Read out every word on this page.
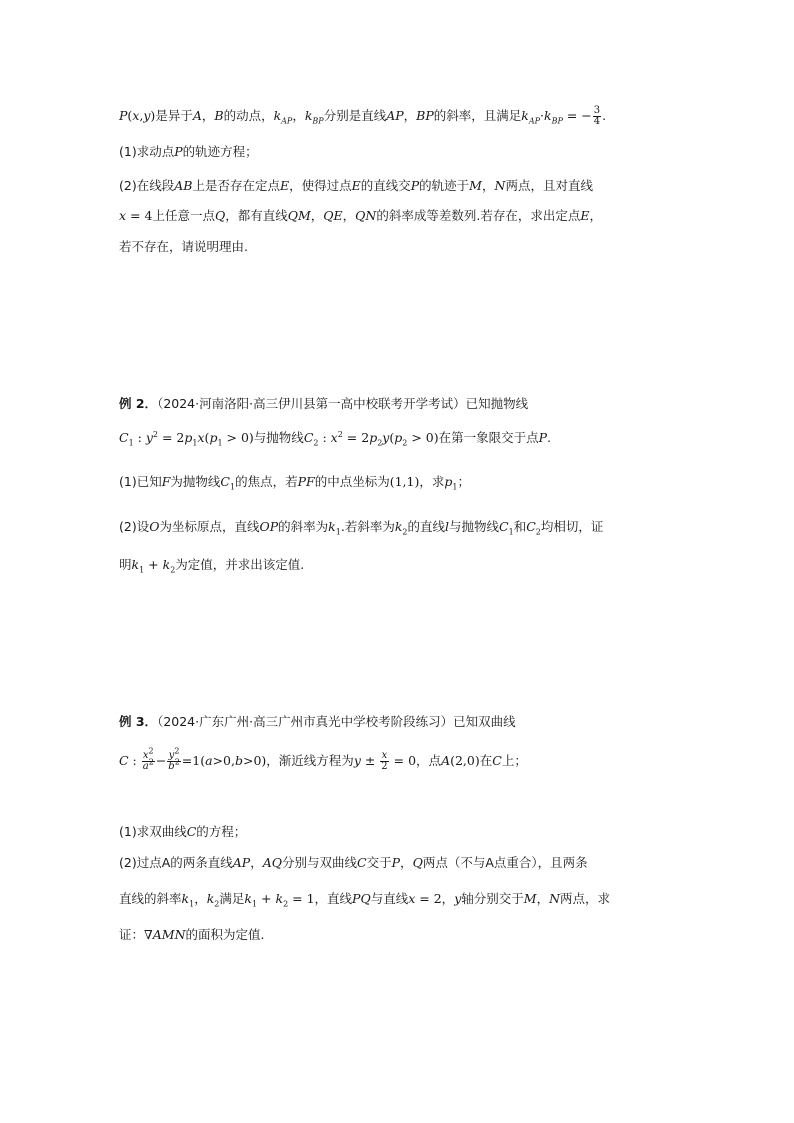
P(x,y)是异于A，B的动点，$k_{AP}$，$k_{BP}$分别是直线AP，BP的斜率，且满足$k_{AP}\cdot k_{BP}$ = − $\frac{3}{4}$ .
(1)求动点P的轨迹方程；
(2)在线段AB上是否存在定点E，使得过点E的直线交P的轨迹于M，N两点，且对直线
x = 4上任意一点Q，都有直线QM，QE，QN的斜率成等差数列.若存在，求出定点E，
若不存在，请说明理由.
例 2．（2024·河南洛阳·高三伊川县第一高中校联考开学考试）已知抛物线
$C_1$ : $y^2 = 2p_1x(p_1 > 0)$与抛物线$C_2$ : $x^2 = 2p_2y(p_2 > 0)$在第一象限交于点P.
(1)已知F为抛物线$C_1$的焦点，若PF的中点坐标为(1,1)，求$p_1$；
(2)设O为坐标原点，直线OP的斜率为$k_1$.若斜率为$k_2$的直线l与抛物线$C_1$和$C_2$均相切，证
明$k_1 + k_2$为定值，并求出该定值.
例 3．（2024·广东广州·高三广州市真光中学校考阶段练习）已知双曲线
C : $\frac{x^2}{a^2} - \frac{y^2}{b^2} =1(a>0,b>0)$，渐近线方程为$y \pm \frac{x}{2} = 0$，点A(2,0)在C上；
(1)求双曲线C的方程；
(2)过点A的两条直线AP，AQ分别与双曲线C交于P，Q两点（不与A点重合），且两条
直线的斜率$k_1$，$k_2$满足$k_1 + k_2 = 1$，直线PQ与直线x = 2，y轴分别交于M，N两点，求
证：∇AMN的面积为定值.
